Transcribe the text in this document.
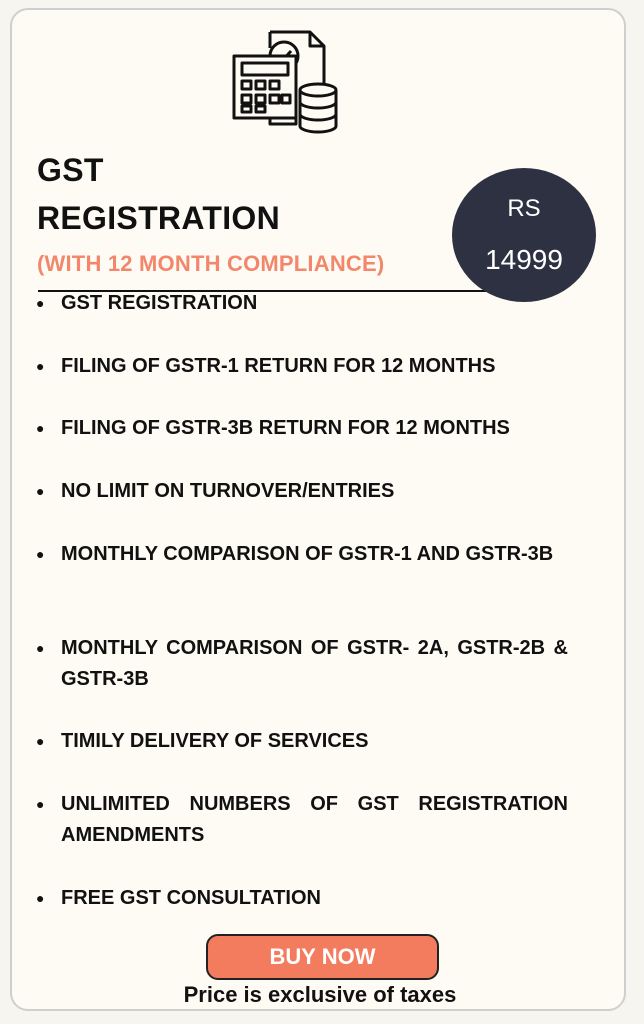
GST
REGISTRATION
(WITH 12 MONTH COMPLIANCE)
RS
14999
● GST REGISTRATION
● FILING OF GSTR-1 RETURN FOR 12 MONTHS
● FILING OF GSTR-3B RETURN FOR 12 MONTHS
● NO LIMIT ON TURNOVER/ENTRIES
● MONTHLY COMPARISON OF GSTR-1 AND GSTR-3B
● MONTHLY COMPARISON OF GSTR- 2A, GSTR-2B & GSTR-3B
● TIMILY DELIVERY OF SERVICES
● UNLIMITED NUMBERS OF GST REGISTRATION AMENDMENTS
● FREE GST CONSULTATION
BUY NOW
Price is exclusive of taxes
